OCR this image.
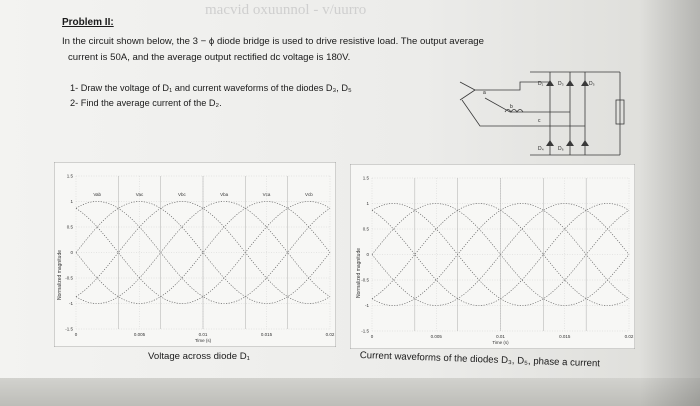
macvid oxuunnol - v/uurro
Problem II:
In the circuit shown below, the 3 − ϕ diode bridge is used to drive resistive load. The output average
current is 50A, and the average output rectified dc voltage is 180V.
1- Draw the voltage of D₁ and current waveforms of the diodes D₃, D₅
2- Find the average current of the D₂.
D₁	D₃	D₅
D₄	D₆
a
b
c
1.5
1
0.5
0
-0.5
-1
-1.5
0	0.005	0.01	0.015	0.02
Time (s)
Vab	Vac	Vbc	Vba	Vca	Vcb
Normalized magnitude
1.5
1
0.5
0
-0.5
-1
-1.5
0	0.005	0.01	0.015	0.02
Time (s)
Normalized magnitude
Voltage across diode D₁	Current waveforms of the diodes D₃, D₅, phase a current
